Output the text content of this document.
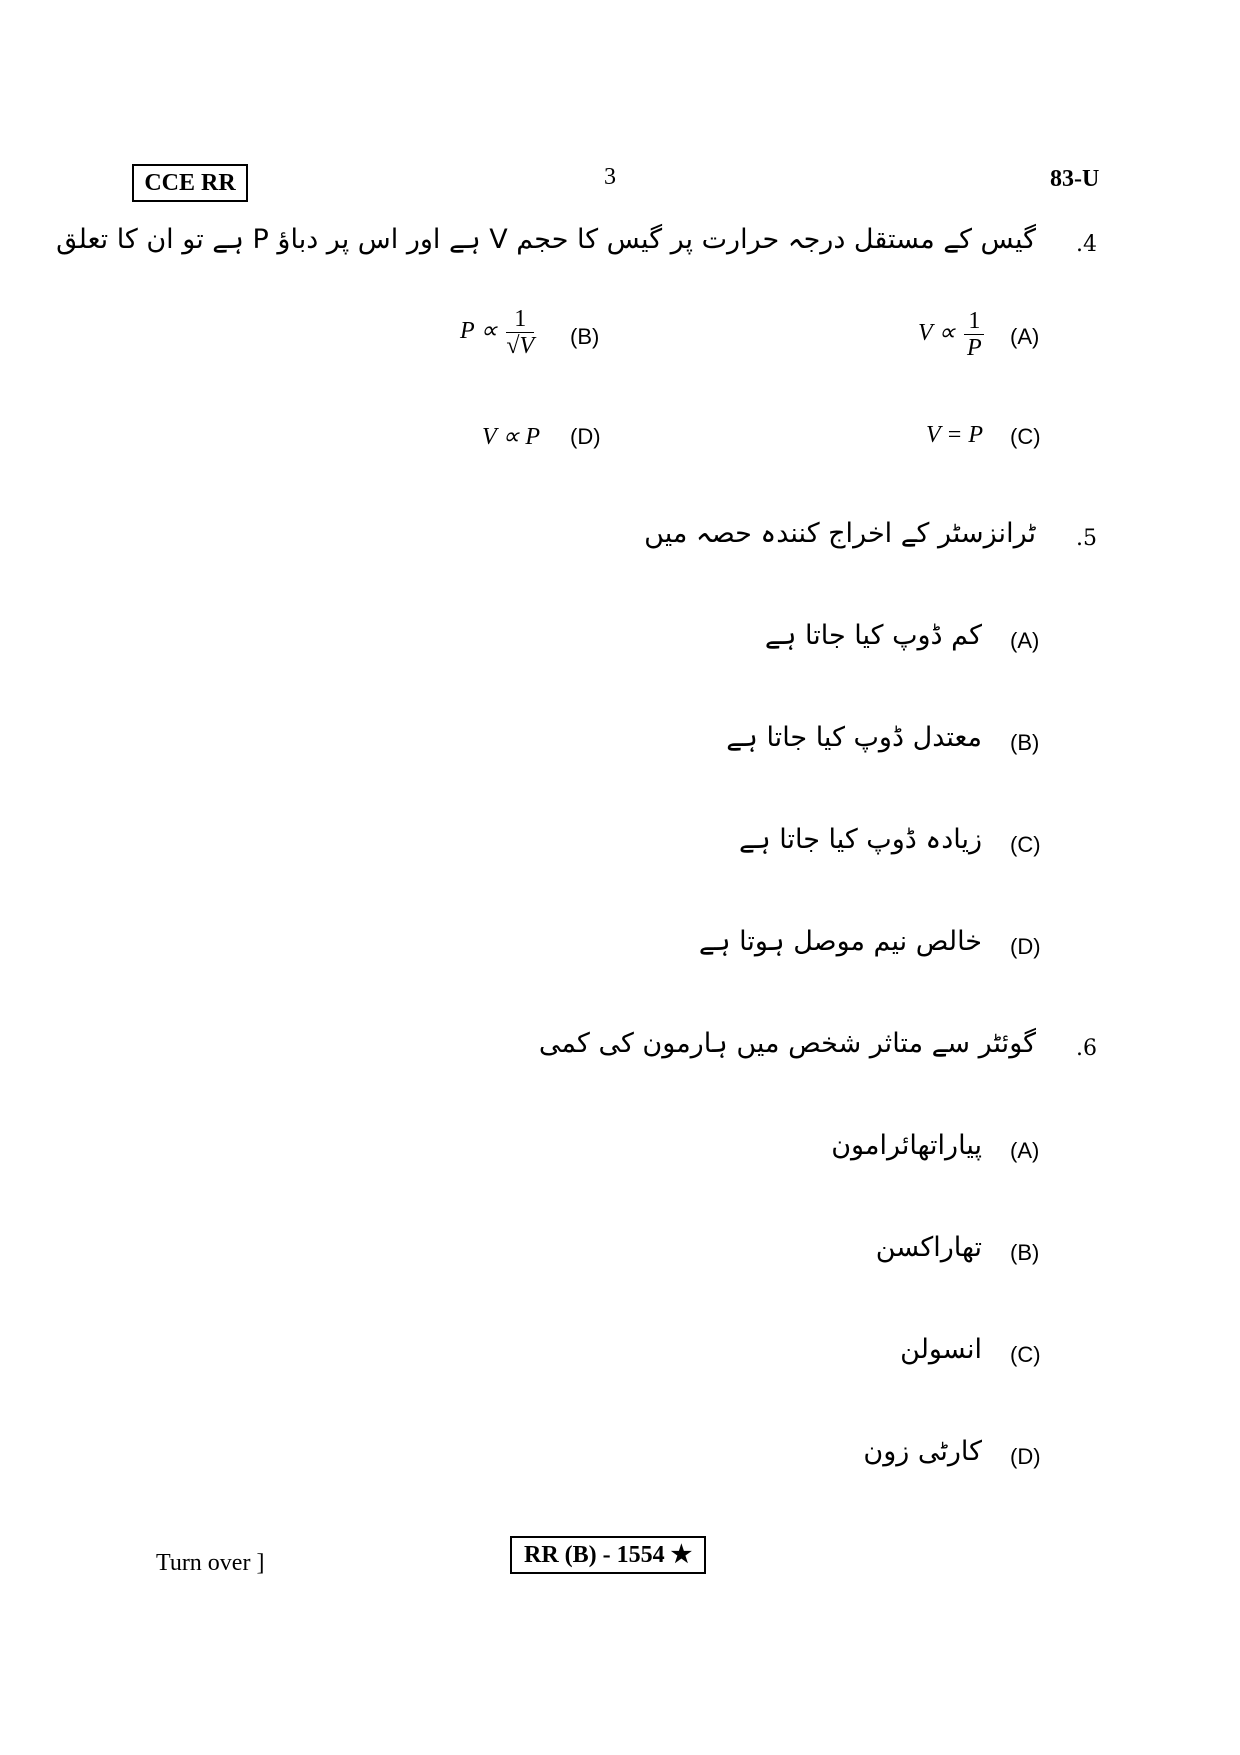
CCE RR	3	83-U
.4
گیس کے مستقل درجہ حرارت پر گیس کا حجم V ہے اور اس پر دباؤ P ہے تو ان کا تعلق
(A)
$V \propto \frac{1}{P}$
(B)
$P \propto \frac{1}{√V}$
(C)
V = P
(D)
V ∝ P
.5
ٹرانزسٹر کے اخراج کنندہ حصہ میں
(A)
کم ڈوپ کیا جاتا ہے
(B)
معتدل ڈوپ کیا جاتا ہے
(C)
زیادہ ڈوپ کیا جاتا ہے
(D)
خالص نیم موصل ہوتا ہے
.6
گوئٹر سے متاثر شخص میں ہارمون کی کمی
(A)
پیاراتھائرامون
(B)
تھاراکسن
(C)
انسولن
(D)
کارٹی زون
Turn over ]	RR (B) - 1554 ★
